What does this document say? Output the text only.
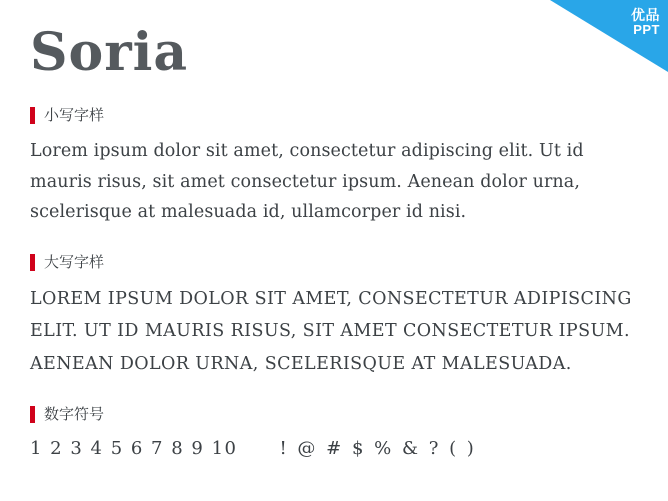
优品
PPT
Soria
小写字样
Lorem ipsum dolor sit amet, consectetur adipiscing elit. Ut id mauris risus, sit amet consectetur ipsum. Aenean dolor urna, scelerisque at malesuada id, ullamcorper id nisi.
大写字样
LOREM IPSUM DOLOR SIT AMET, CONSECTETUR ADIPISCING ELIT. UT ID MAURIS RISUS, SIT AMET CONSECTETUR IPSUM. AENEAN DOLOR URNA, SCELERISQUE AT MALESUADA.
数字符号
1 2 3 4 5 6 7 8 9 10 ! @ # $ % & ? ( )
